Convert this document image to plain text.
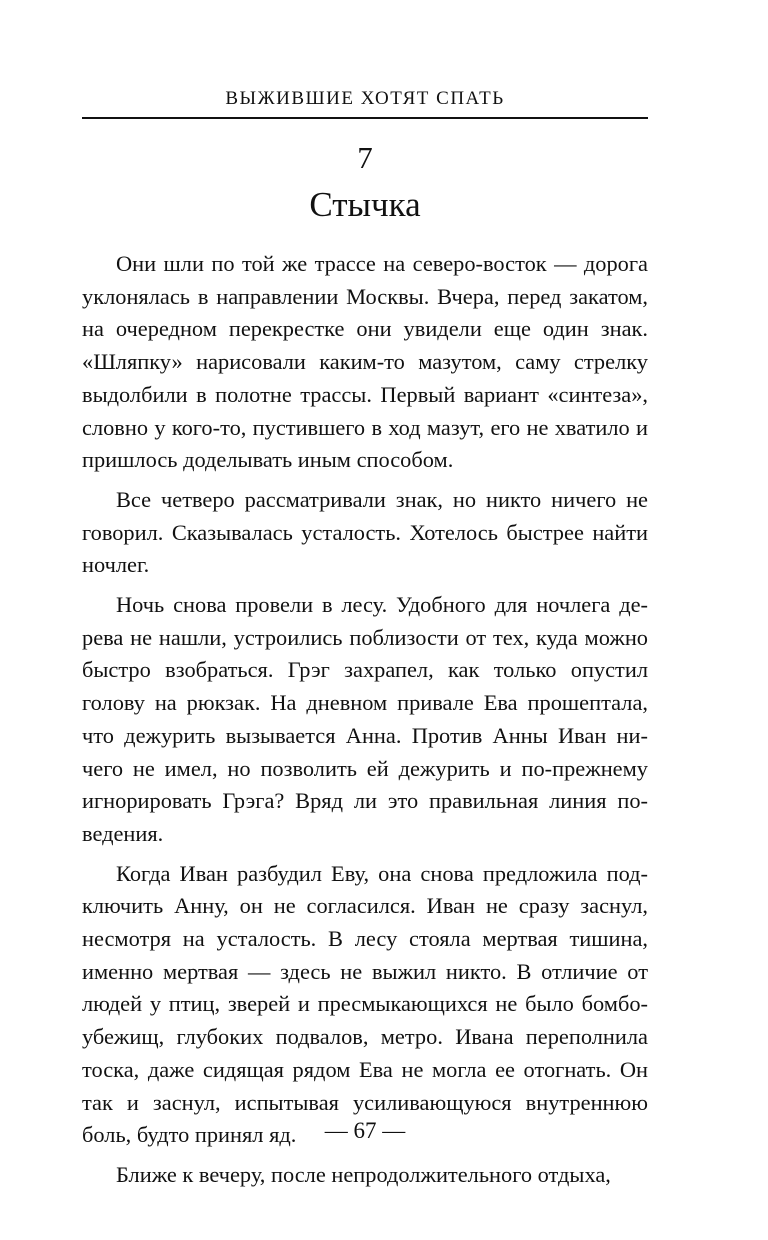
ВЫЖИВШИЕ ХОТЯТ СПАТЬ
7
Стычка

Они шли по той же трассе на северо-восток — дорога уклонялась в направлении Москвы. Вчера, перед закатом, на очередном перекрестке они увидели еще один знак. «Шляпку» нарисовали каким-то мазутом, саму стрелку выдолбили в полотне трассы. Первый вариант «синтеза», словно у кого-то, пустившего в ход мазут, его не хватило и пришлось доделывать иным способом.

Все четверо рассматривали знак, но никто ничего не говорил. Сказывалась усталость. Хотелось быстрее найти ночлег.

Ночь снова провели в лесу. Удобного для ночлега дерева не нашли, устроились поблизости от тех, куда можно быстро взобраться. Грэг захрапел, как только опустил голову на рюкзак. На дневном привале Ева прошептала, что дежурить вызывается Анна. Против Анны Иван ничего не имел, но позволить ей дежурить и по-прежнему игнорировать Грэга? Вряд ли это правильная линия поведения.

Когда Иван разбудил Еву, она снова предложила подключить Анну, он не согласился. Иван не сразу заснул, несмотря на усталость. В лесу стояла мертвая тишина, именно мертвая — здесь не выжил никто. В отличие от людей у птиц, зверей и пресмыкающихся не было бомбоубежищ, глубоких подвалов, метро. Ивана переполнила тоска, даже сидящая рядом Ева не могла ее отогнать. Он так и заснул, испытывая усиливающуюся внутреннюю боль, будто принял яд.

Ближе к вечеру, после непродолжительного отдыха,

— 67 —
